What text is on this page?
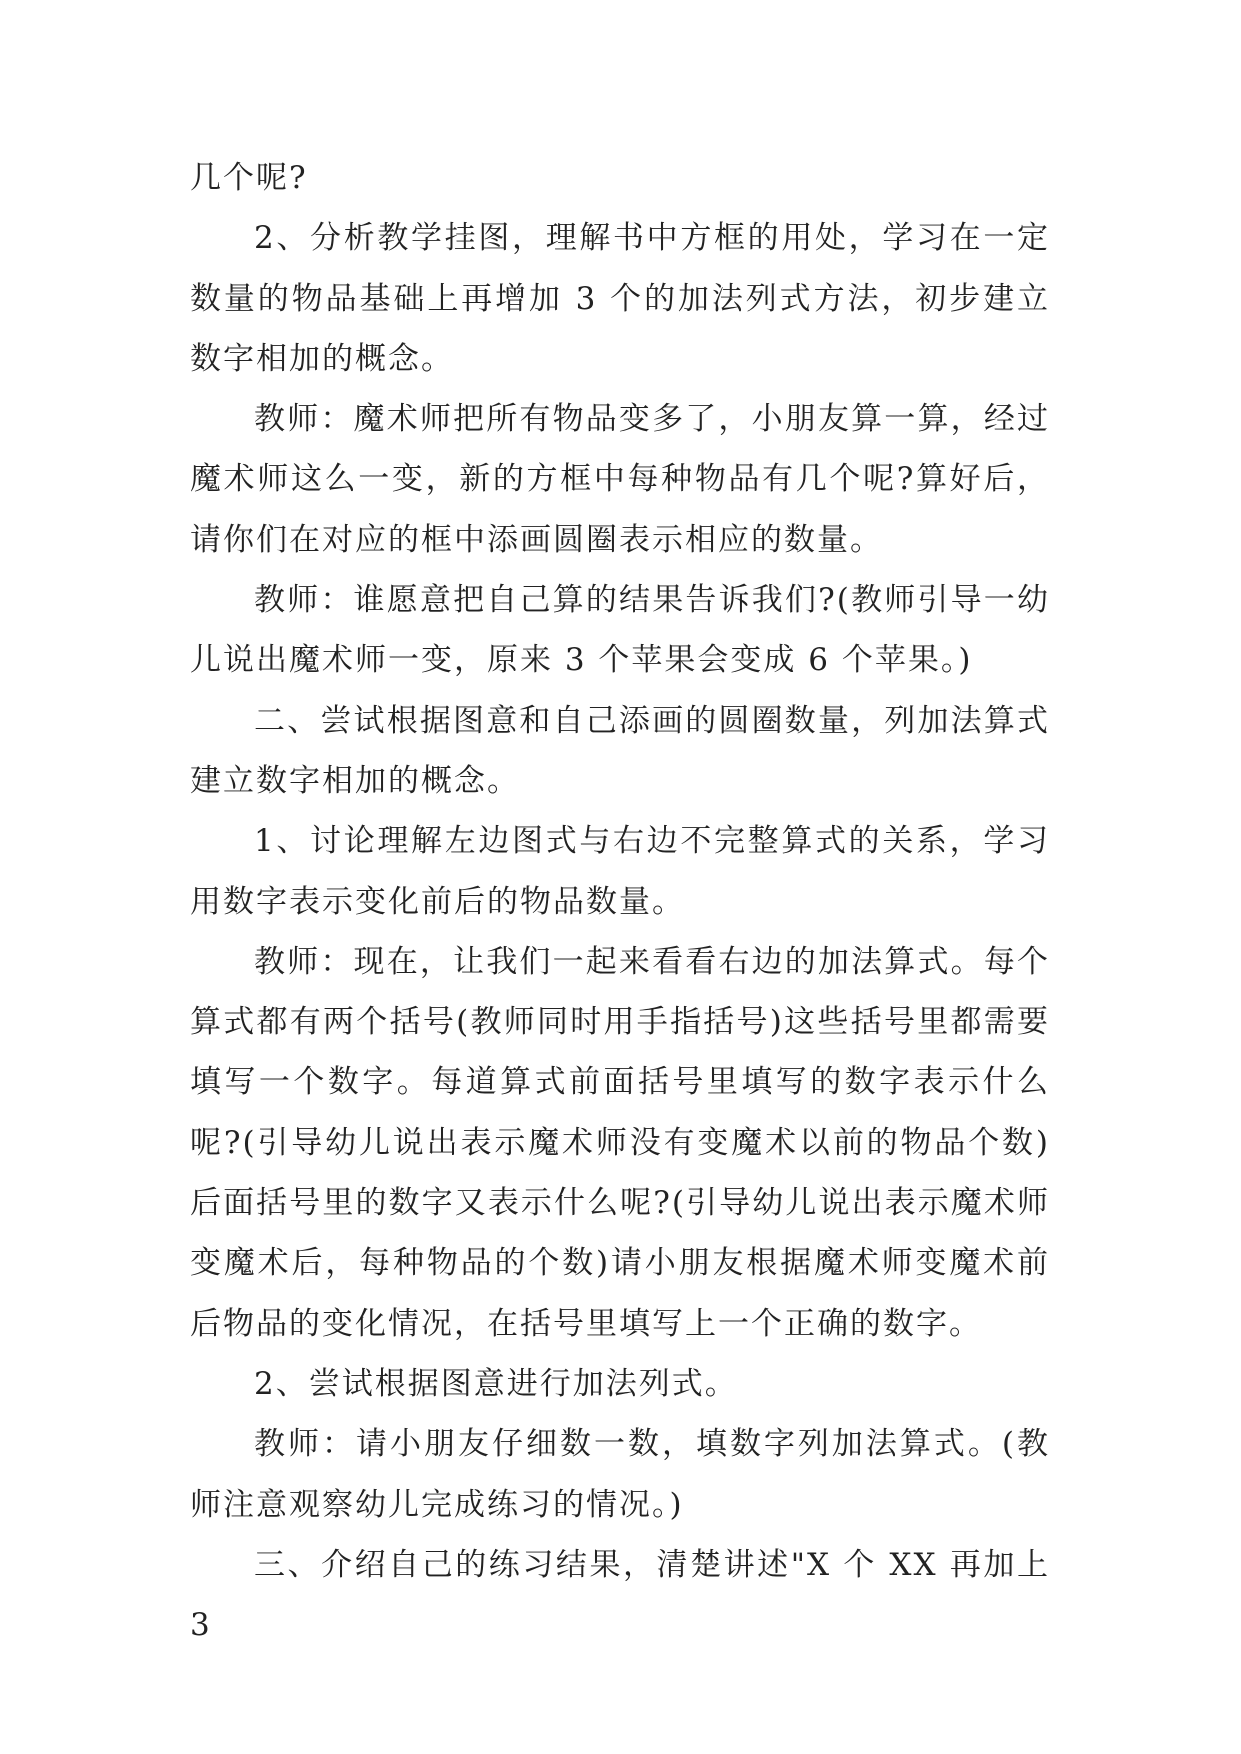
几个呢?

2、分析教学挂图，理解书中方框的用处，学习在一定数量的物品基础上再增加 3 个的加法列式方法，初步建立数字相加的概念。

教师：魔术师把所有物品变多了，小朋友算一算，经过魔术师这么一变，新的方框中每种物品有几个呢?算好后，请你们在对应的框中添画圆圈表示相应的数量。

教师：谁愿意把自己算的结果告诉我们?(教师引导一幼儿说出魔术师一变，原来 3 个苹果会变成 6 个苹果。)

二、尝试根据图意和自己添画的圆圈数量，列加法算式建立数字相加的概念。

1、讨论理解左边图式与右边不完整算式的关系，学习用数字表示变化前后的物品数量。

教师：现在，让我们一起来看看右边的加法算式。每个算式都有两个括号(教师同时用手指括号)这些括号里都需要填写一个数字。每道算式前面括号里填写的数字表示什么呢?(引导幼儿说出表示魔术师没有变魔术以前的物品个数)后面括号里的数字又表示什么呢?(引导幼儿说出表示魔术师变魔术后，每种物品的个数)请小朋友根据魔术师变魔术前后物品的变化情况，在括号里填写上一个正确的数字。

2、尝试根据图意进行加法列式。

教师：请小朋友仔细数一数，填数字列加法算式。(教师注意观察幼儿完成练习的情况。)

三、介绍自己的练习结果，清楚讲述"X 个 XX 再加上 3
